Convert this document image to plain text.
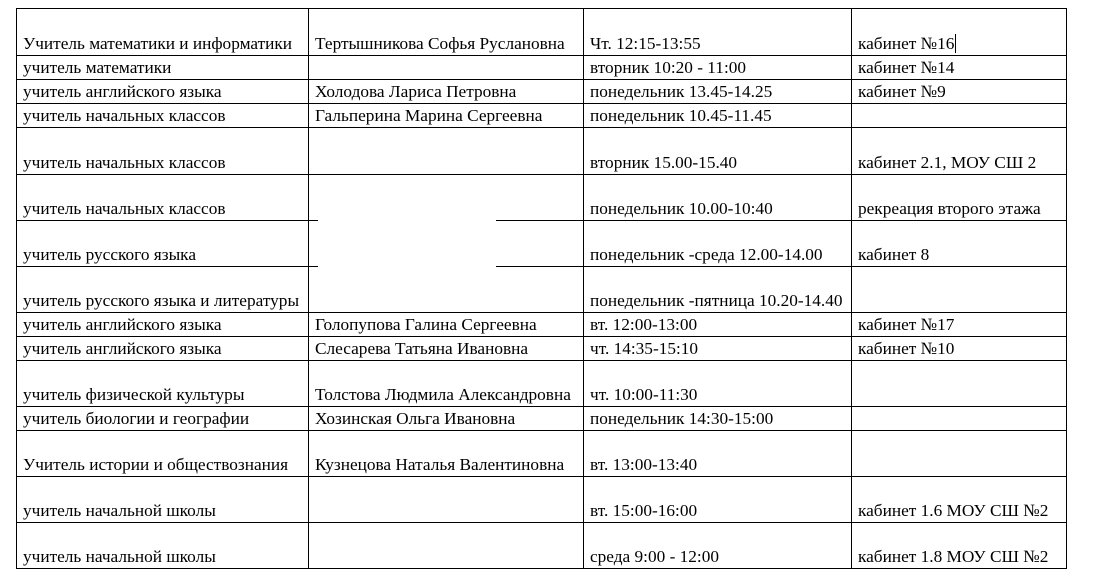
Учитель математики и информатики	Тертышникова Софья Руслановна	Чт. 12:15-13:55	кабинет №16
учитель математики		вторник 10:20 - 11:00	кабинет №14
учитель английского языка	Холодова Лариса Петровна	понедельник 13.45-14.25	кабинет №9
учитель начальных классов	Гальперина Марина Сергеевна	понедельник 10.45-11.45	
учитель начальных классов		вторник 15.00-15.40	кабинет 2.1, МОУ СШ 2
учитель начальных классов		понедельник 10.00-10:40	рекреация второго этажа
учитель русского языка		понедельник -среда 12.00-14.00	кабинет 8
учитель русского языка и литературы		понедельник -пятница 10.20-14.40	
учитель английского языка	Голопупова Галина Сергеевна	вт. 12:00-13:00	кабинет №17
учитель английского языка	Слесарева Татьяна Ивановна	чт. 14:35-15:10	кабинет №10
учитель физической культуры	Толстова Людмила Александровна	чт. 10:00-11:30	
учитель биологии и географии	Хозинская Ольга Ивановна	понедельник 14:30-15:00	
Учитель истории и обществознания	Кузнецова Наталья Валентиновна	вт. 13:00-13:40	
учитель начальной школы		вт. 15:00-16:00	кабинет 1.6 МОУ СШ №2
учитель начальной школы		среда 9:00 - 12:00	кабинет 1.8 МОУ СШ №2
